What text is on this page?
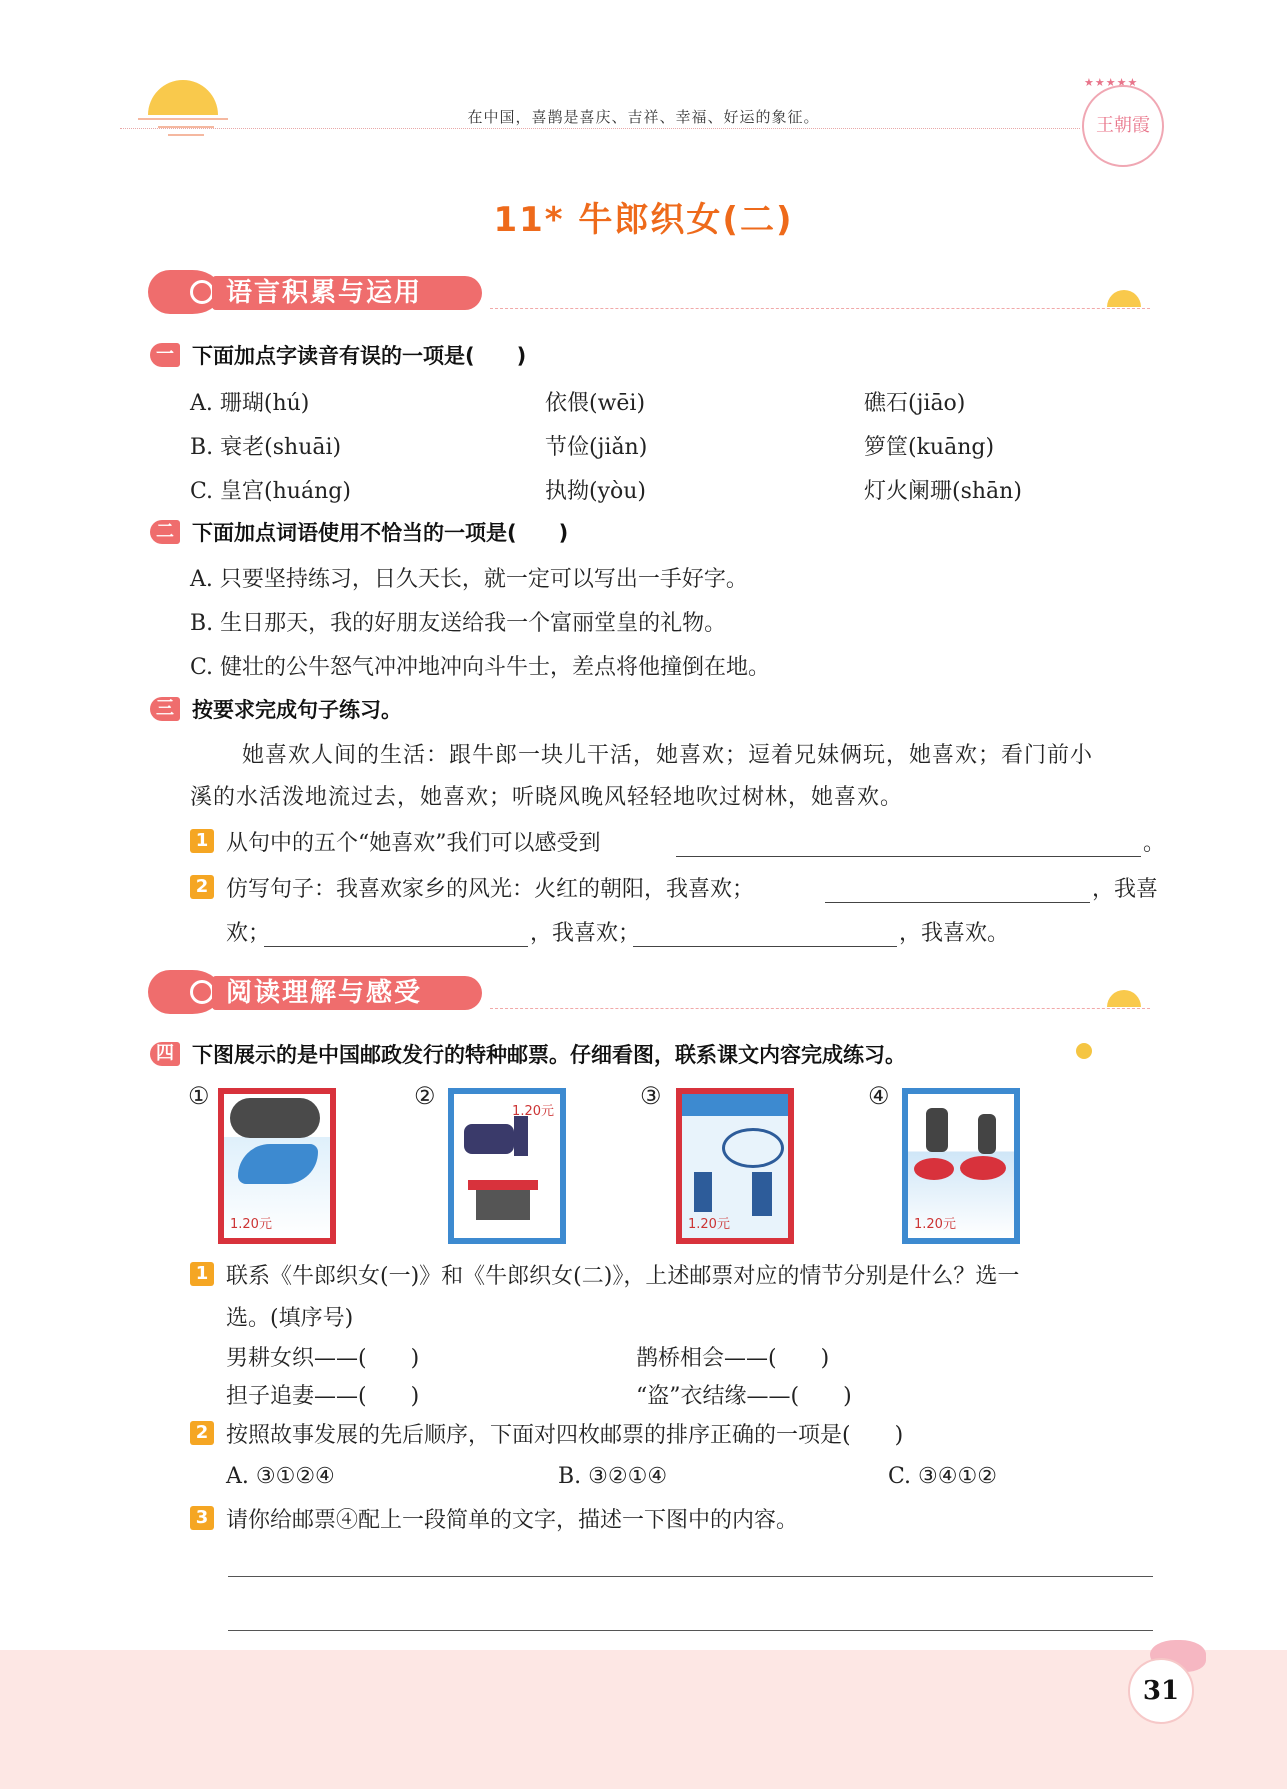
在中国，喜鹊是喜庆、吉祥、幸福、好运的象征。
★★★★★
王朝霞
11* 牛郎织女(二)
语言积累与运用
一 下面加点字读音有误的一项是(　　)
A. 珊瑚(hú)	依偎(wēi)	礁石(jiāo)
B. 衰老(shuāi)	节俭(jiǎn)	箩筐(kuāng)
C. 皇宫(huáng)	执拗(yòu)	灯火阑珊(shān)
二 下面加点词语使用不恰当的一项是(　　)
A. 只要坚持练习，日久天长，就一定可以写出一手好字。
B. 生日那天，我的好朋友送给我一个富丽堂皇的礼物。
C. 健壮的公牛怒气冲冲地冲向斗牛士，差点将他撞倒在地。
三 按要求完成句子练习。
她喜欢人间的生活：跟牛郎一块儿干活，她喜欢；逗着兄妹俩玩，她喜欢；看门前小
溪的水活泼地流过去，她喜欢；听晓风晚风轻轻地吹过树林，她喜欢。
1 从句中的五个“她喜欢”我们可以感受到	。
2 仿写句子：我喜欢家乡的风光：火红的朝阳，我喜欢；	，我喜
欢；	，我喜欢；	，我喜欢。
阅读理解与感受
四 下图展示的是中国邮政发行的特种邮票。仔细看图，联系课文内容完成练习。
①
1.20元
②
1.20元
③
1.20元
④
1.20元
1 联系《牛郎织女(一)》和《牛郎织女(二)》，上述邮票对应的情节分别是什么？选一
选。(填序号)
男耕女织——(　　)	鹊桥相会——(　　)
担子追妻——(　　)	“盗”衣结缘——(　　)
2 按照故事发展的先后顺序，下面对四枚邮票的排序正确的一项是(　　)
A. ③①②④	B. ③②①④	C. ③④①②
3 请你给邮票④配上一段简单的文字，描述一下图中的内容。
31
